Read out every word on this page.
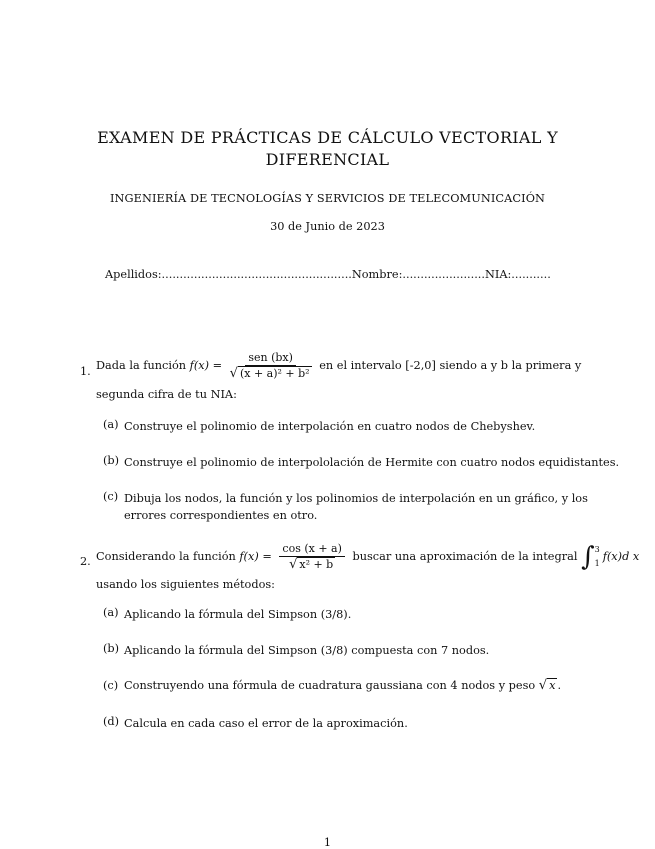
EXAMEN DE PRÁCTICAS DE CÁLCULO VECTORIAL Y
DIFERENCIAL
INGENIERÍA DE TECNOLOGÍAS Y SERVICIOS DE TELECOMUNICACIÓN
30 de Junio de 2023
Apellidos:.....................................................Nombre:.......................NIA:...........
1. Dada la función $f(x) = \frac{\text{sen (bx)}}{\text{√ (x + a)² + b²}}$ en el intervalo [-2,0] siendo a y b la primera y
segunda cifra de tu NIA:
(a) Construye el polinomio de interpolación en cuatro nodos de Chebyshev.
(b) Construye el polinomio de interpololación de Hermite con cuatro nodos equidistantes.
(c) Dibuja los nodos, la función y los polinomios de interpolación en un gráfico, y los
errores correspondientes en otro.
2. Considerando la función $f(x) = \frac{\cos (x + a)}{\text{√ x² + b}}$ buscar una aproximación de la integral ∫ 3
1
f(x)d x
usando los siguientes métodos:
(a) Aplicando la fórmula del Simpson (3/8).
(b) Aplicando la fórmula del Simpson (3/8) compuesta con 7 nodos.
(c) Construyendo una fórmula de cuadratura gaussiana con 4 nodos y peso √ x .
(d) Calcula en cada caso el error de la aproximación.
1
